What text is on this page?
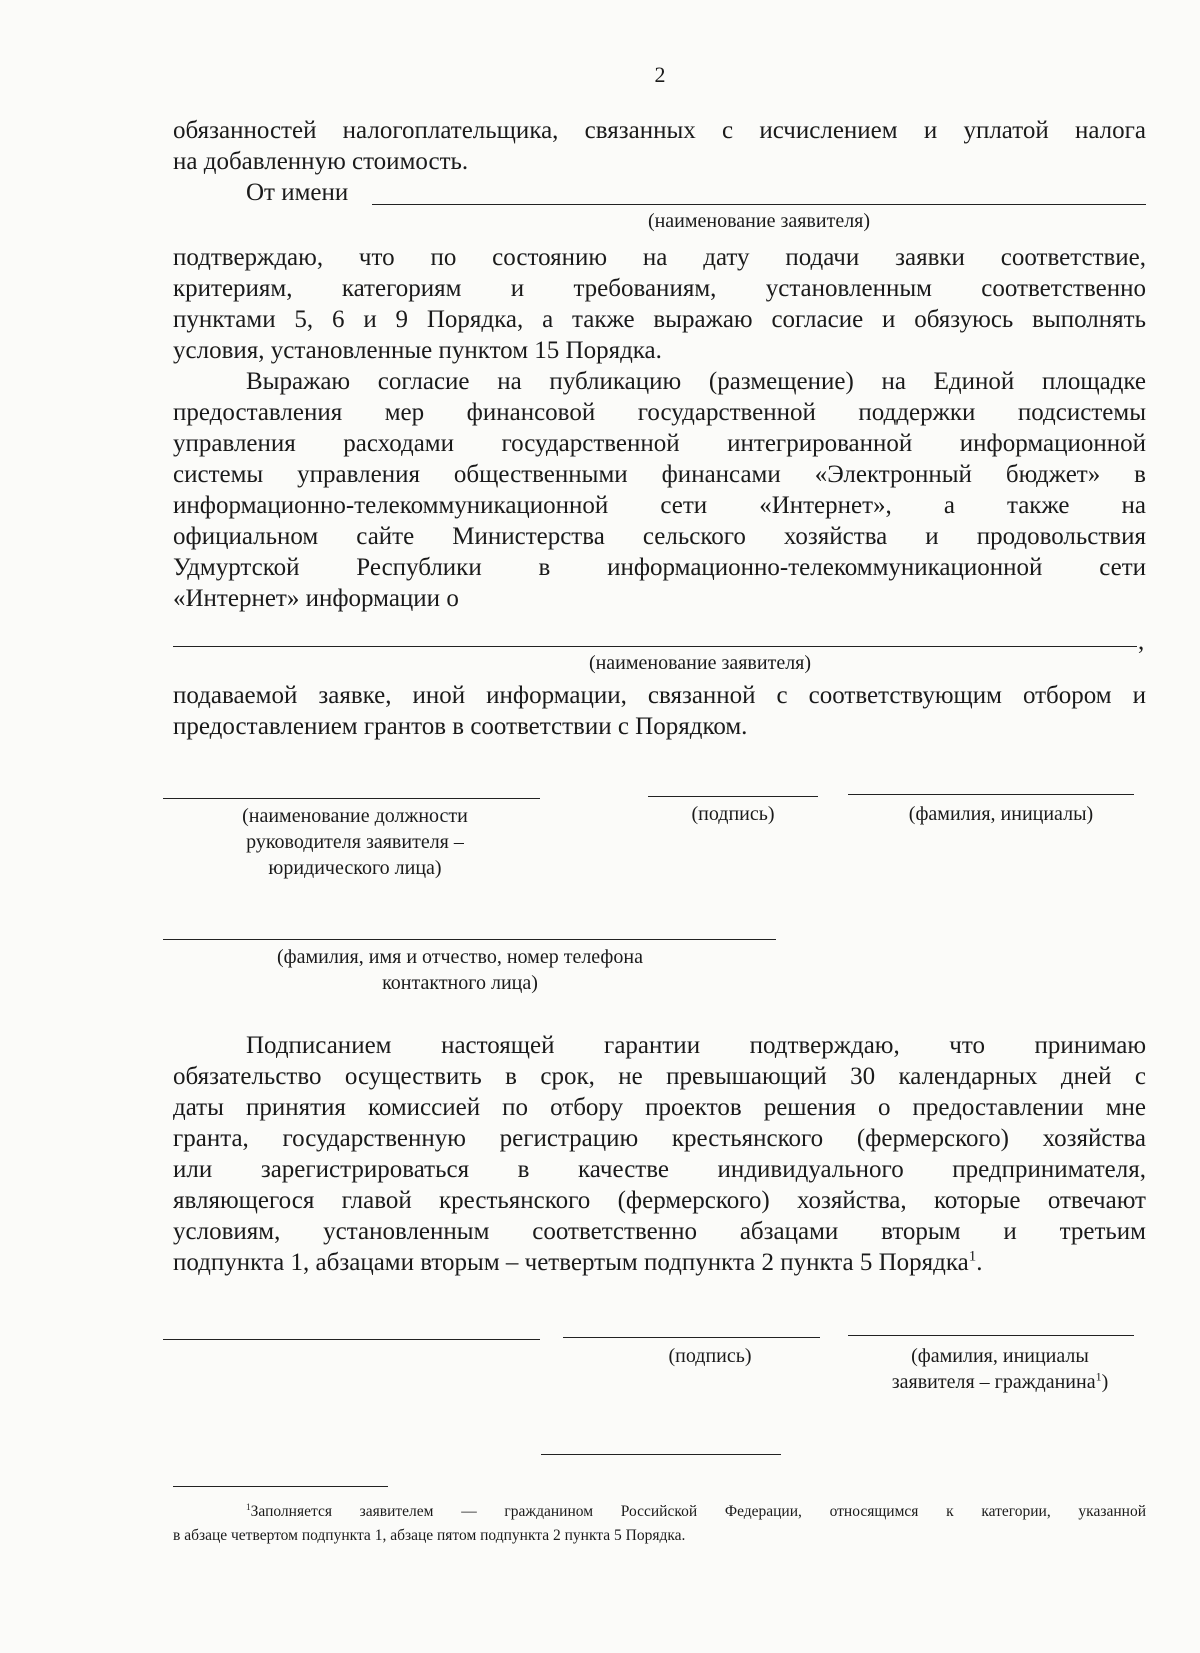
2
обязанностей налогоплательщика, связанных с исчислением и уплатой налога
на добавленную стоимость.
От имени
(наименование заявителя)
подтверждаю, что по состоянию на дату подачи заявки соответствие,
критериям, категориям и требованиям, установленным соответственно
пунктами 5, 6 и 9 Порядка, а также выражаю согласие и обязуюсь выполнять
условия, установленные пунктом 15 Порядка.
Выражаю согласие на публикацию (размещение) на Единой площадке
предоставления мер финансовой государственной поддержки подсистемы
управления расходами государственной интегрированной информационной
системы управления общественными финансами «Электронный бюджет» в
информационно-телекоммуникационной сети «Интернет», а также на
официальном сайте Министерства сельского хозяйства и продовольствия
Удмуртской Республики в информационно-телекоммуникационной сети
«Интернет» информации о
,
(наименование заявителя)
подаваемой заявке, иной информации, связанной с соответствующим отбором и
предоставлением грантов в соответствии с Порядком.
(наименование должности
руководителя заявителя –
юридического лица)
(подпись)	(фамилия, инициалы)
(фамилия, имя и отчество, номер телефона
контактного лица)
Подписанием настоящей гарантии подтверждаю, что принимаю
обязательство осуществить в срок, не превышающий 30 календарных дней с
даты принятия комиссией по отбору проектов решения о предоставлении мне
гранта, государственную регистрацию крестьянского (фермерского) хозяйства
или зарегистрироваться в качестве индивидуального предпринимателя,
являющегося главой крестьянского (фермерского) хозяйства, которые отвечают
условиям, установленным соответственно абзацами вторым и третьим
подпункта 1, абзацами вторым – четвертым подпункта 2 пункта 5 Порядка$^1$.
(подпись)	(фамилия, инициалы
заявителя – гражданина$^1$)
$^1$Заполняется заявителем — гражданином Российской Федерации, относящимся к категории, указанной
в абзаце четвертом подпункта 1, абзаце пятом подпункта 2 пункта 5 Порядка.
